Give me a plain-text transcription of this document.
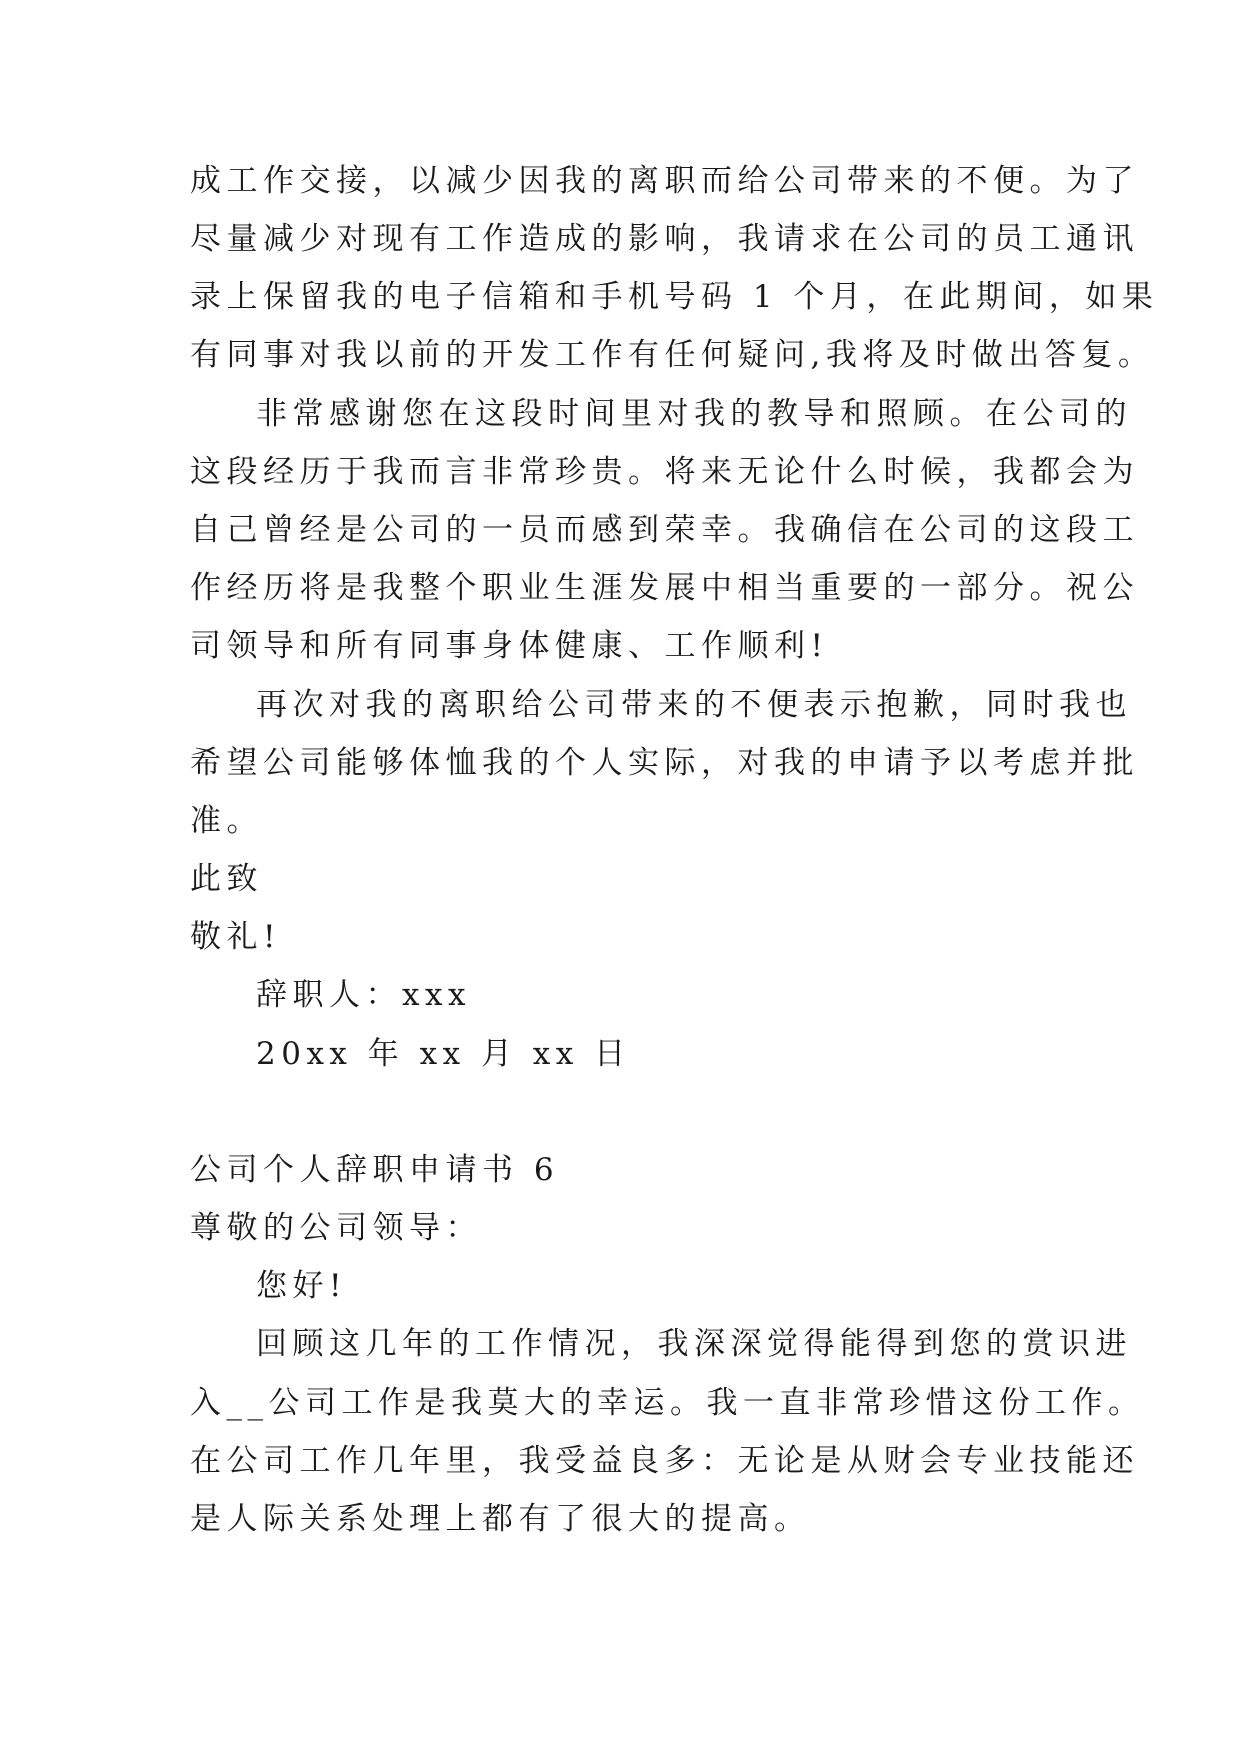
成工作交接，以减少因我的离职而给公司带来的不便。为了
尽量减少对现有工作造成的影响，我请求在公司的员工通讯
录上保留我的电子信箱和手机号码 1 个月，在此期间，如果
有同事对我以前的开发工作有任何疑问,我将及时做出答复。
非常感谢您在这段时间里对我的教导和照顾。在公司的
这段经历于我而言非常珍贵。将来无论什么时候，我都会为
自己曾经是公司的一员而感到荣幸。我确信在公司的这段工
作经历将是我整个职业生涯发展中相当重要的一部分。祝公
司领导和所有同事身体健康、工作顺利!
再次对我的离职给公司带来的不便表示抱歉，同时我也
希望公司能够体恤我的个人实际，对我的申请予以考虑并批
准。
此致
敬礼!
辞职人：xxx
20xx 年 xx 月 xx 日
公司个人辞职申请书 6
尊敬的公司领导：
您好!
回顾这几年的工作情况，我深深觉得能得到您的赏识进
入__公司工作是我莫大的幸运。我一直非常珍惜这份工作。
在公司工作几年里，我受益良多：无论是从财会专业技能还
是人际关系处理上都有了很大的提高。
